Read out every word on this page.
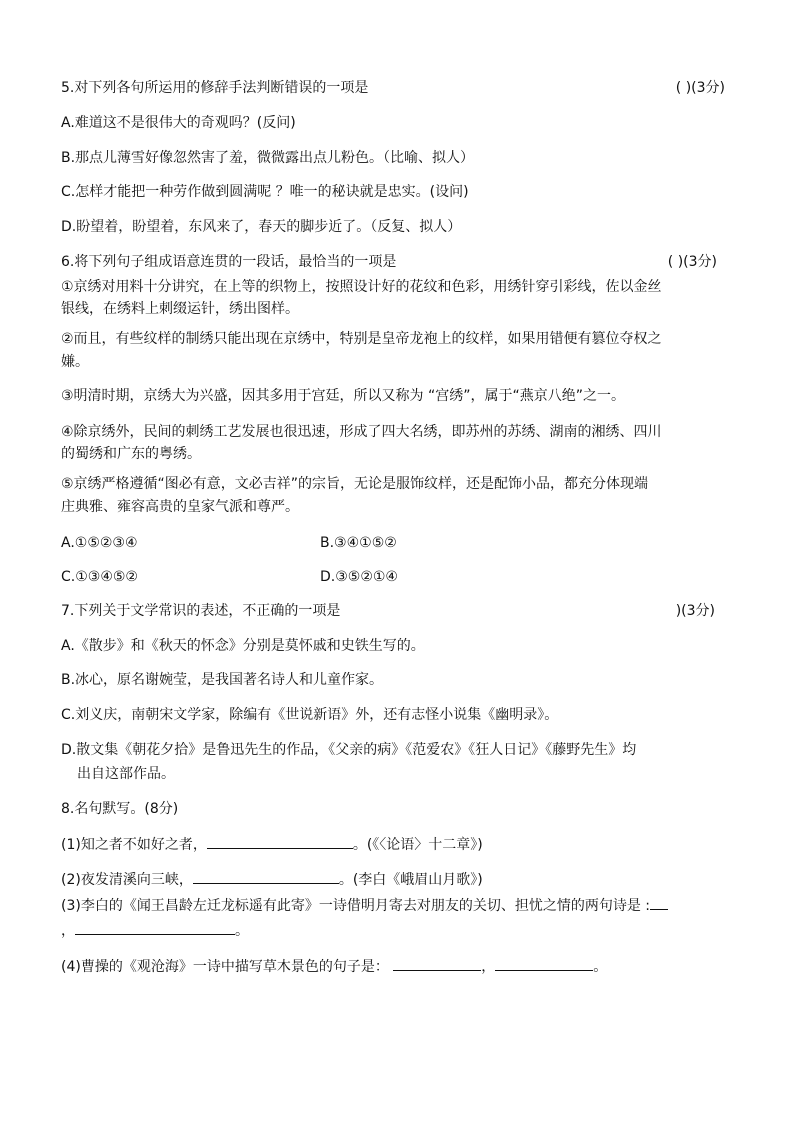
5.对下列各句所运用的修辞手法判断错误的一项是	( )(3分)
A.难道这不是很伟大的奇观吗？(反问)
B.那点儿薄雪好像忽然害了羞，微微露出点儿粉色。（比喻、拟人）
C.怎样才能把一种劳作做到圆满呢 ？唯一的秘诀就是忠实。(设问)
D.盼望着，盼望着，东风来了，春天的脚步近了。（反复、拟人）
6.将下列句子组成语意连贯的一段话，最恰当的一项是	( )(3分)
①京绣对用料十分讲究，在上等的织物上，按照设计好的花纹和色彩，用绣针穿引彩线，佐以金丝
银线，在绣料上刺缀运针，绣出图样。
②而且，有些纹样的制绣只能出现在京绣中，特别是皇帝龙袍上的纹样，如果用错便有篡位夺权之
嫌。
③明清时期，京绣大为兴盛，因其多用于宫廷，所以又称为 “宫绣”，属于“燕京八绝”之一。
④除京绣外，民间的刺绣工艺发展也很迅速，形成了四大名绣，即苏州的苏绣、湖南的湘绣、四川
的蜀绣和广东的粤绣。
⑤京绣严格遵循“图必有意，文必吉祥”的宗旨，无论是服饰纹样，还是配饰小品，都充分体现端
庄典雅、雍容高贵的皇家气派和尊严。
A.①⑤②③④	B.③④①⑤②
C.①③④⑤②	D.③⑤②①④
7.下列关于文学常识的表述，不正确的一项是	)(3分)
A.《散步》和《秋天的怀念》分别是莫怀戚和史铁生写的。
B.冰心，原名谢婉莹，是我国著名诗人和儿童作家。
C.刘义庆，南朝宋文学家，除编有《世说新语》外，还有志怪小说集《幽明录》。
D.散文集《朝花夕拾》是鲁迅先生的作品，《父亲的病》《范爱农》《狂人日记》《藤野先生》均
出自这部作品。
8.名句默写。(8分)
(1)知之者不如好之者，	。(《〈论语〉十二章》)
(2)夜发清溪向三峡，	。(李白《峨眉山月歌》)
(3)李白的《闻王昌龄左迁龙标遥有此寄》一诗借明月寄去对朋友的关切、担忧之情的两句诗是 :
，	。
(4)曹操的《观沧海》一诗中描写草木景色的句子是：	，	。
